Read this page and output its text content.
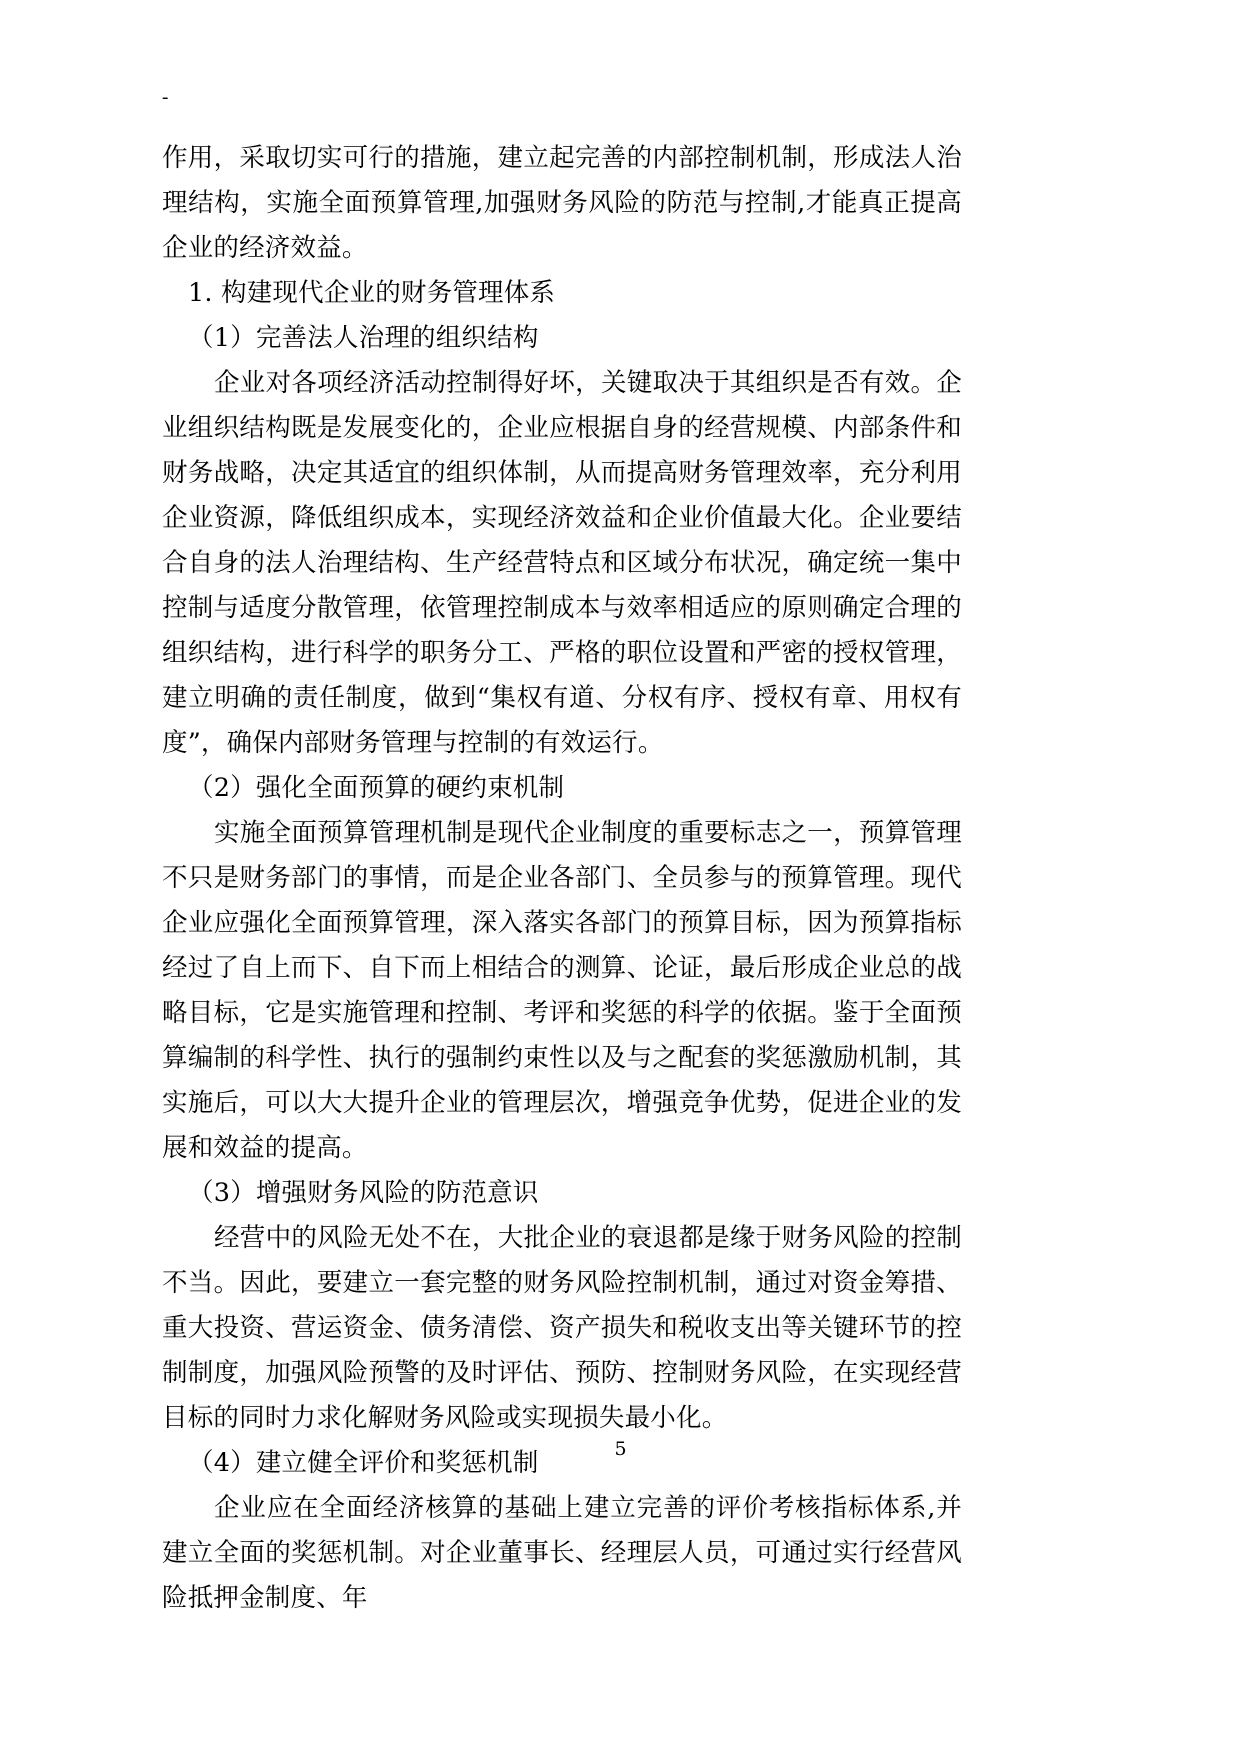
-

作用，采取切实可行的措施，建立起完善的内部控制机制，形成法人治理结构，实施全面预算管理,加强财务风险的防范与控制,才能真正提高企业的经济效益。

1. 构建现代企业的财务管理体系

（1）完善法人治理的组织结构

企业对各项经济活动控制得好坏，关键取决于其组织是否有效。企业组织结构既是发展变化的，企业应根据自身的经营规模、内部条件和财务战略，决定其适宜的组织体制，从而提高财务管理效率，充分利用企业资源，降低组织成本，实现经济效益和企业价值最大化。企业要结合自身的法人治理结构、生产经营特点和区域分布状况，确定统一集中控制与适度分散管理，依管理控制成本与效率相适应的原则确定合理的组织结构，进行科学的职务分工、严格的职位设置和严密的授权管理，建立明确的责任制度，做到“集权有道、分权有序、授权有章、用权有度”，确保内部财务管理与控制的有效运行。

（2）强化全面预算的硬约束机制

实施全面预算管理机制是现代企业制度的重要标志之一，预算管理不只是财务部门的事情，而是企业各部门、全员参与的预算管理。现代企业应强化全面预算管理，深入落实各部门的预算目标，因为预算指标经过了自上而下、自下而上相结合的测算、论证，最后形成企业总的战略目标，它是实施管理和控制、考评和奖惩的科学的依据。鉴于全面预算编制的科学性、执行的强制约束性以及与之配套的奖惩激励机制，其实施后，可以大大提升企业的管理层次，增强竞争优势，促进企业的发展和效益的提高。

（3）增强财务风险的防范意识

经营中的风险无处不在，大批企业的衰退都是缘于财务风险的控制不当。因此，要建立一套完整的财务风险控制机制，通过对资金筹措、重大投资、营运资金、债务清偿、资产损失和税收支出等关键环节的控制制度，加强风险预警的及时评估、预防、控制财务风险，在实现经营目标的同时力求化解财务风险或实现损失最小化。

（4）建立健全评价和奖惩机制

企业应在全面经济核算的基础上建立完善的评价考核指标体系,并建立全面的奖惩机制。对企业董事长、经理层人员，可通过实行经营风险抵押金制度、年

5
